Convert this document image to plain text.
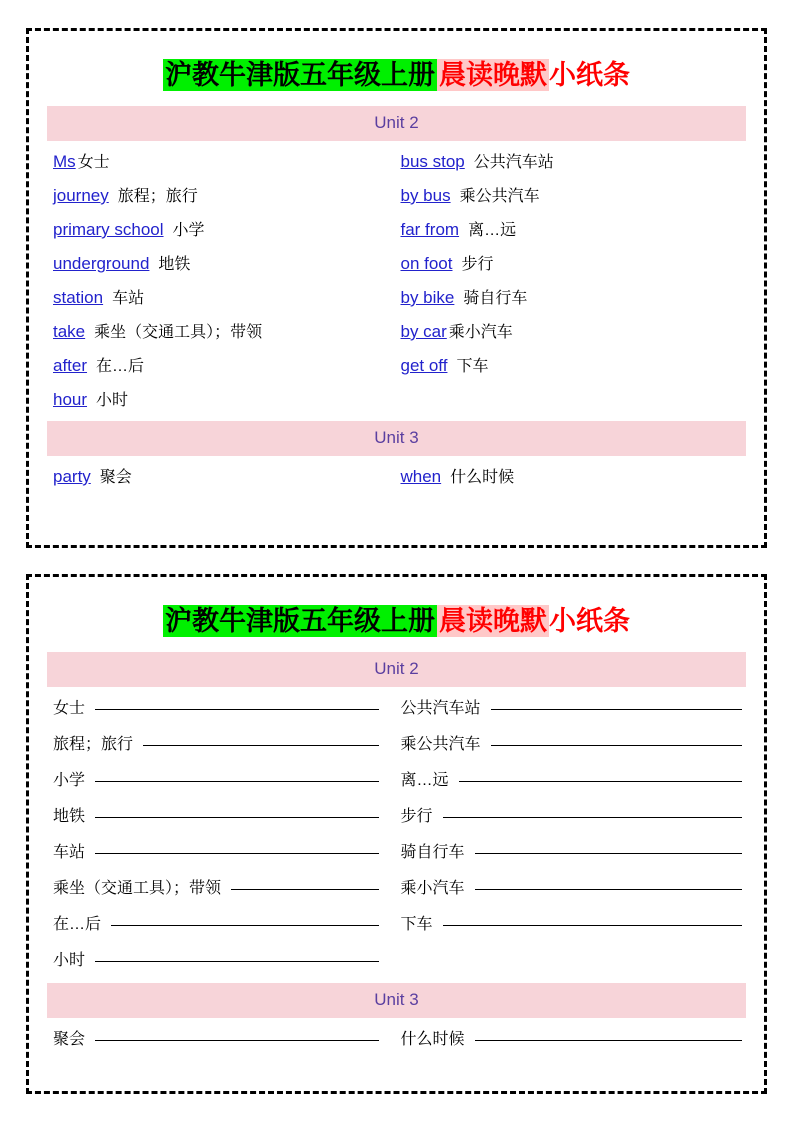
沪教牛津版五年级上册 晨读晚默小纸条
Unit 2
Ms 女士	bus stop 公共汽车站
journey 旅程；旅行	by bus 乘公共汽车
primary school 小学	far from 离…远
underground 地铁	on foot 步行
station 车站	by bike 骑自行车
take 乘坐（交通工具）；带领	by car 乘小汽车
after 在…后	get off 下车
hour 小时
Unit 3
party 聚会	when 什么时候
沪教牛津版五年级上册 晨读晚默小纸条
Unit 2
女士	公共汽车站
旅程；旅行	乘公共汽车
小学	离…远
地铁	步行
车站	骑自行车
乘坐（交通工具）；带领	乘小汽车
在…后	下车
小时
Unit 3
聚会	什么时候
